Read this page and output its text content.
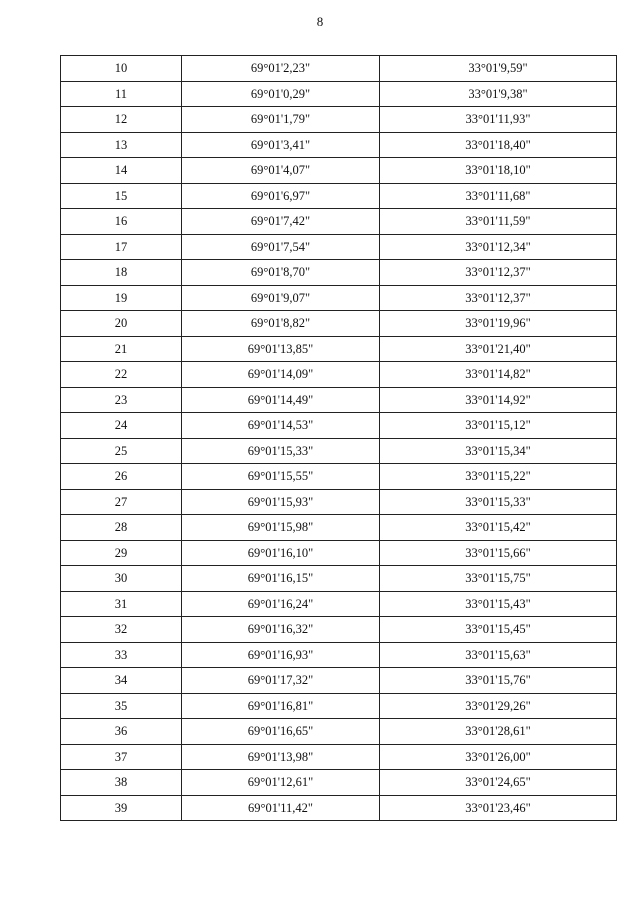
8
10	69°01'2,23"	33°01'9,59"
11	69°01'0,29"	33°01'9,38"
12	69°01'1,79"	33°01'11,93"
13	69°01'3,41"	33°01'18,40"
14	69°01'4,07"	33°01'18,10"
15	69°01'6,97"	33°01'11,68"
16	69°01'7,42"	33°01'11,59"
17	69°01'7,54"	33°01'12,34"
18	69°01'8,70"	33°01'12,37"
19	69°01'9,07"	33°01'12,37"
20	69°01'8,82"	33°01'19,96"
21	69°01'13,85"	33°01'21,40"
22	69°01'14,09"	33°01'14,82"
23	69°01'14,49"	33°01'14,92"
24	69°01'14,53"	33°01'15,12"
25	69°01'15,33"	33°01'15,34"
26	69°01'15,55"	33°01'15,22"
27	69°01'15,93"	33°01'15,33"
28	69°01'15,98"	33°01'15,42"
29	69°01'16,10"	33°01'15,66"
30	69°01'16,15"	33°01'15,75"
31	69°01'16,24"	33°01'15,43"
32	69°01'16,32"	33°01'15,45"
33	69°01'16,93"	33°01'15,63"
34	69°01'17,32"	33°01'15,76"
35	69°01'16,81"	33°01'29,26"
36	69°01'16,65"	33°01'28,61"
37	69°01'13,98"	33°01'26,00"
38	69°01'12,61"	33°01'24,65"
39	69°01'11,42"	33°01'23,46"
